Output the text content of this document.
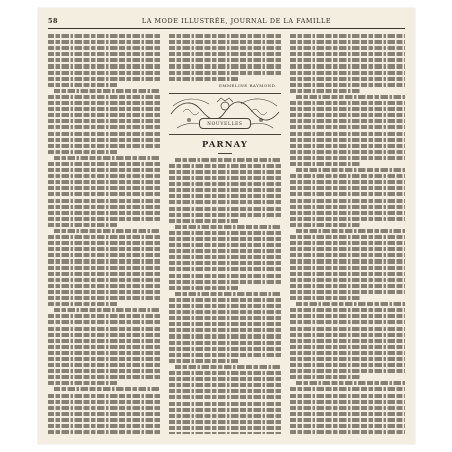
58	LA MODE ILLUSTRÉE, JOURNAL DE LA FAMILLE
EMMELINE RAYMOND.
NOUVELLES
PARNAY
